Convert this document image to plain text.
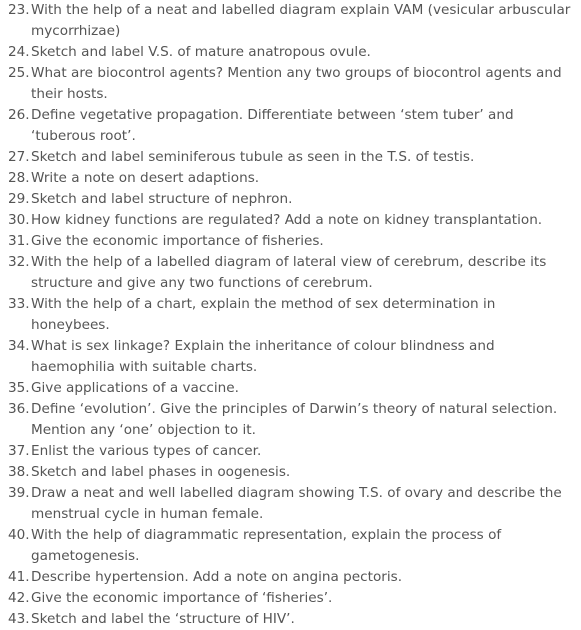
23. With the help of a neat and labelled diagram explain VAM (vesicular arbuscular mycorrhizae)
24. Sketch and label V.S. of mature anatropous ovule.
25. What are biocontrol agents? Mention any two groups of biocontrol agents and their hosts.
26. Define vegetative propagation. Differentiate between ‘stem tuber’ and ‘tuberous root’.
27. Sketch and label seminiferous tubule as seen in the T.S. of testis.
28. Write a note on desert adaptions.
29. Sketch and label structure of nephron.
30. How kidney functions are regulated? Add a note on kidney transplantation.
31. Give the economic importance of fisheries.
32. With the help of a labelled diagram of lateral view of cerebrum, describe its structure and give any two functions of cerebrum.
33. With the help of a chart, explain the method of sex determination in honeybees.
34. What is sex linkage? Explain the inheritance of colour blindness and haemophilia with suitable charts.
35. Give applications of a vaccine.
36. Define ‘evolution’. Give the principles of Darwin’s theory of natural selection. Mention any ‘one’ objection to it.
37. Enlist the various types of cancer.
38. Sketch and label phases in oogenesis.
39. Draw a neat and well labelled diagram showing T.S. of ovary and describe the menstrual cycle in human female.
40. With the help of diagrammatic representation, explain the process of gametogenesis.
41. Describe hypertension. Add a note on angina pectoris.
42. Give the economic importance of ‘fisheries’.
43. Sketch and label the ‘structure of HIV’.
